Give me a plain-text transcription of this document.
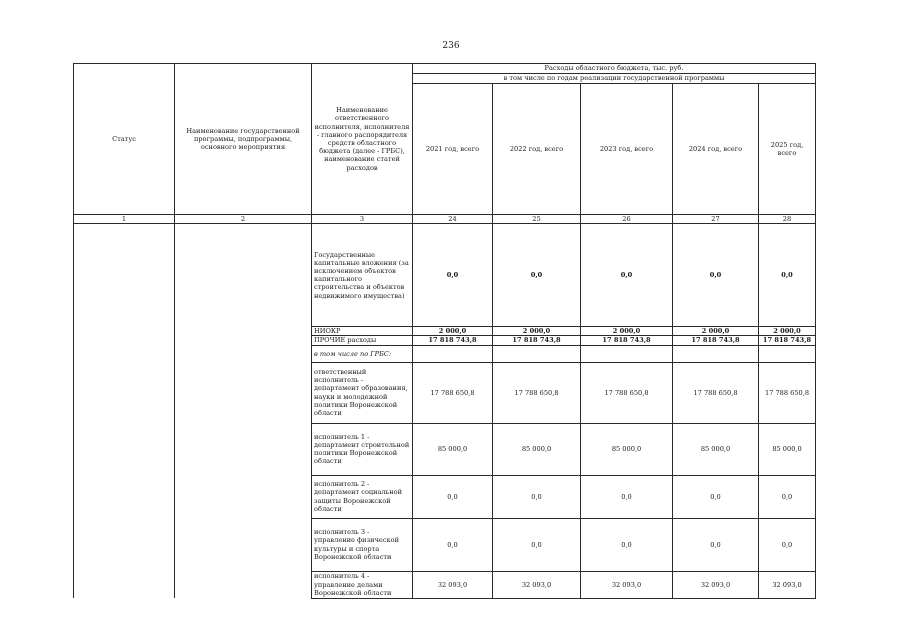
236
Статус	Наименование государственной программы, подпрограммы, основного мероприятия	Наименование ответственного исполнителя, исполнителя - главного распорядителя средств областного бюджета (далее - ГРБС), наименование статей расходов	Расходы областного бюджета, тыс. руб.				
			в том числе по годам реализации государственной программы				
			2021 год, всего	2022 год, всего	2023 год, всего	2024 год, всего	2025 год, всего
1	2	3	24	25	26	27	28
		Государственные капитальные вложения (за исключением объектов капитального строительства и объектов недвижимого имущества)	0,0	0,0	0,0	0,0	0,0
		НИОКР	2 000,0	2 000,0	2 000,0	2 000,0	2 000,0
		ПРОЧИЕ расходы	17 818 743,8	17 818 743,8	17 818 743,8	17 818 743,8	17 818 743,8
		в том числе по ГРБС:					
		ответственный исполнитель - департамент образования, науки и молодежной политики Воронежской области	17 788 650,8	17 788 650,8	17 788 650,8	17 788 650,8	17 788 650,8
		исполнитель 1 - департамент строительной политики Воронежской области	85 000,0	85 000,0	85 000,0	85 000,0	85 000,0
		исполнитель 2 - департамент социальной защиты Воронежской области	0,0	0,0	0,0	0,0	0,0
		исполнитель 3 - управление физической культуры и спорта Воронежской области	0,0	0,0	0,0	0,0	0,0
		исполнитель 4 - управление делами Воронежской области	32 093,0	32 093,0	32 093,0	32 093,0	32 093,0
